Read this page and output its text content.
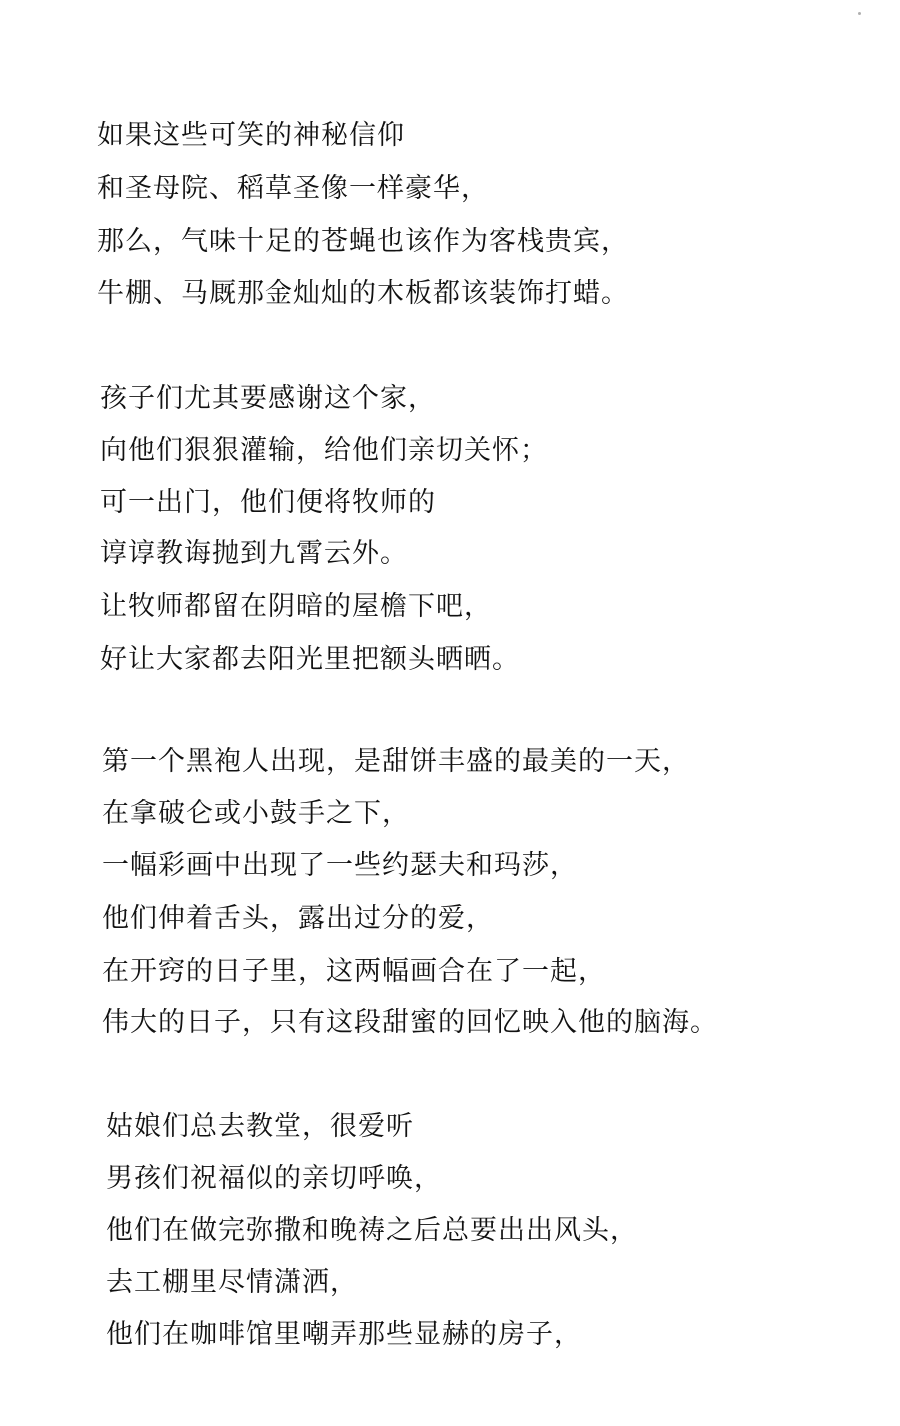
如果这些可笑的神秘信仰

和圣母院、稻草圣像一样豪华，

那么，气味十足的苍蝇也该作为客栈贵宾，

牛棚、马厩那金灿灿的木板都该装饰打蜡。

孩子们尤其要感谢这个家，

向他们狠狠灌输，给他们亲切关怀；

可一出门，他们便将牧师的

谆谆教诲抛到九霄云外。

让牧师都留在阴暗的屋檐下吧，

好让大家都去阳光里把额头晒晒。

第一个黑袍人出现，是甜饼丰盛的最美的一天，

在拿破仑或小鼓手之下，

一幅彩画中出现了一些约瑟夫和玛莎，

他们伸着舌头，露出过分的爱，

在开窍的日子里，这两幅画合在了一起，

伟大的日子，只有这段甜蜜的回忆映入他的脑海。

姑娘们总去教堂，很爱听

男孩们祝福似的亲切呼唤，

他们在做完弥撒和晚祷之后总要出出风头，

去工棚里尽情潇洒，

他们在咖啡馆里嘲弄那些显赫的房子，
